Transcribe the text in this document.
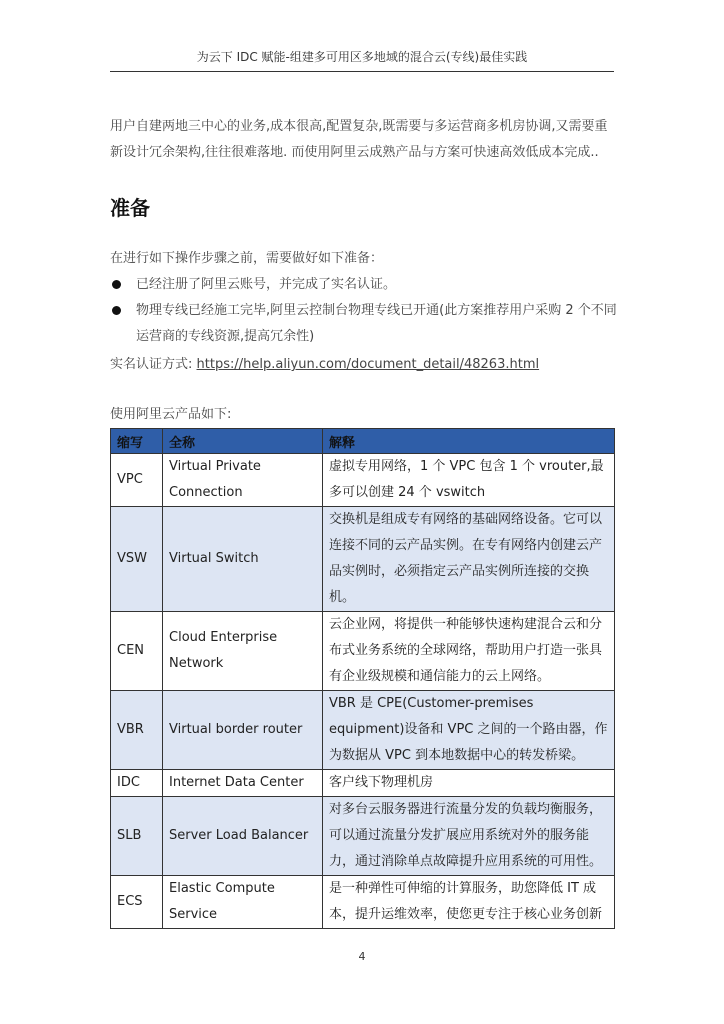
为云下 IDC 赋能-组建多可用区多地域的混合云(专线)最佳实践

用户自建两地三中心的业务,成本很高,配置复杂,既需要与多运营商多机房协调,又需要重新设计冗余架构,往往很难落地. 而使用阿里云成熟产品与方案可快速高效低成本完成..

准备

在进行如下操作步骤之前，需要做好如下准备：

已经注册了阿里云账号，并完成了实名认证。
物理专线已经施工完毕,阿里云控制台物理专线已开通(此方案推荐用户采购 2 个不同运营商的专线资源,提高冗余性)

实名认证方式: https://help.aliyun.com/document_detail/48263.html

使用阿里云产品如下:

缩写	全称	解释
VPC	Virtual Private Connection	虚拟专用网络，1 个 VPC 包含 1 个 vrouter,最多可以创建 24 个 vswitch
VSW	Virtual Switch	交换机是组成专有网络的基础网络设备。它可以连接不同的云产品实例。在专有网络内创建云产品实例时，必须指定云产品实例所连接的交换机。
CEN	Cloud Enterprise Network	云企业网，将提供一种能够快速构建混合云和分布式业务系统的全球网络，帮助用户打造一张具有企业级规模和通信能力的云上网络。
VBR	Virtual border router	VBR 是 CPE(Customer-premises equipment)设备和 VPC 之间的一个路由器，作为数据从 VPC 到本地数据中心的转发桥梁。
IDC	Internet Data Center	客户线下物理机房
SLB	Server Load Balancer	对多台云服务器进行流量分发的负载均衡服务，可以通过流量分发扩展应用系统对外的服务能力，通过消除单点故障提升应用系统的可用性。
ECS	Elastic Compute Service	是一种弹性可伸缩的计算服务，助您降低 IT 成本，提升运维效率，使您更专注于核心业务创新
4
